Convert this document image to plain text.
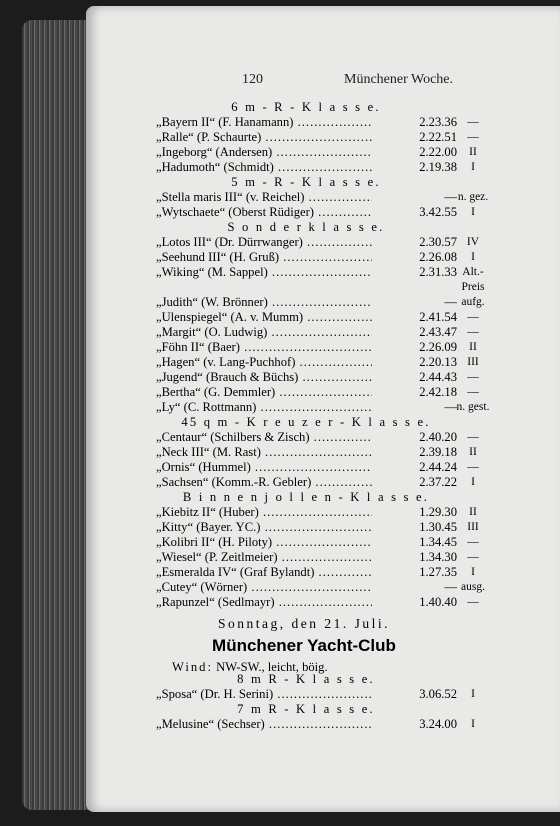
120	Münchener Woche.
6 m - R - K l a s s e.
„Bayern II“ (F. Hanamann) .....	2.23.36 —
„Ralle“ (P. Schaurte) .....	2.22.51 —
„Ingeborg“ (Andersen) .....	2.22.00	II
„Hadumoth“ (Schmidt) .....	2.19.38	I
5 m - R - K l a s s e.
„Stella maris III“ (v. Reichel) .....	— n. gez.
„Wytschaete“ (Oberst Rüdiger) .....	3.42.55	I
S o n d e r k l a s s e.
„Lotos III“ (Dr. Dürrwanger) .....	2.30.57 IV
„Seehund III“ (H. Gruß) .....	2.26.08	I
„Wiking“ (M. Sappel) .....	2.31.33 Alt.-
Preis
„Judith“ (W. Brönner) .....	— aufg.
„Ulenspiegel“ (A. v. Mumm) .....	2.41.54 —
„Margit“ (O. Ludwig) .....	2.43.47 —
„Föhn II“ (Baer) .....	2.26.09	II
„Hagen“ (v. Lang-Puchhof) .....	2.20.13 III
„Jugend“ (Brauch & Büchs) .....	2.44.43 —
„Bertha“ (G. Demmler) .....	2.42.18 —
„Ly“ (C. Rottmann) .....	— n. gest.
45 q m - K r e u z e r - K l a s s e.
„Centaur“ (Schilbers & Zisch) .....	2.40.20 —
„Neck III“ (M. Rast) .....	2.39.18	II
„Ornis“ (Hummel) .....	2.44.24 —
„Sachsen“ (Komm.-R. Gebler) .....	2.37.22	I
B i n n e n j o l l e n - K l a s s e.
„Kiebitz II“ (Huber) .....	1.29.30	II
„Kitty“ (Bayer. YC.) .....	1.30.45 III
„Kolibri II“ (H. Piloty) .....	1.34.45 —
„Wiesel“ (P. Zeitlmeier) .....	1.34.30 —
„Esmeralda IV“ (Graf Bylandt) .....	1.27.35	I
„Cutey“ (Wörner) .....	— ausg.
„Rapunzel“ (Sedlmayr) .....	1.40.40 —
Sonntag, den 21. Juli.
Münchener Yacht-Club
Wind: NW-SW., leicht, böig.
8 m R - K l a s s e.
„Sposa“ (Dr. H. Serini) .....	3.06.52	I
7 m R - K l a s s e.
„Melusine“ (Sechser) .....	3.24.00	I
